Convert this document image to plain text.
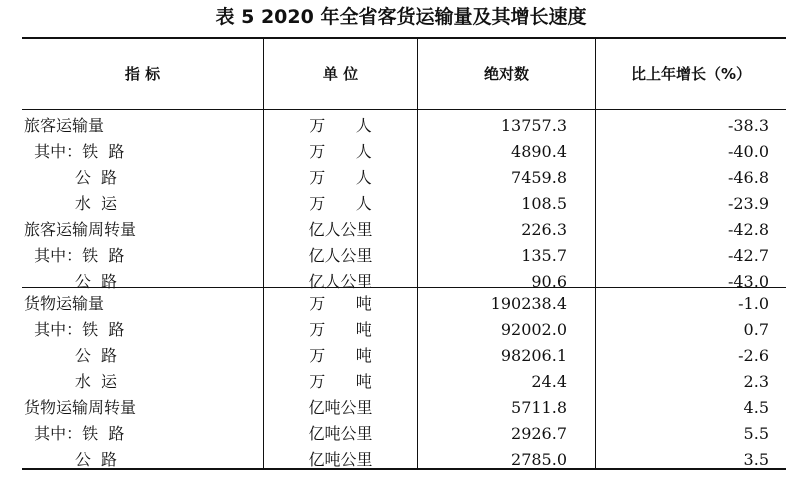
表 5 2020 年全省客货运输量及其增长速度
指 标	单 位	绝对数	比上年增长（%）
旅客运输量	万      人	13757.3	-38.3
其中：铁  路	万      人	4890.4	-40.0
公  路	万      人	7459.8	-46.8
水  运	万      人	108.5	-23.9
旅客运输周转量	亿人公里	226.3	-42.8
其中：铁  路	亿人公里	135.7	-42.7
公  路	亿人公里	90.6	-43.0
货物运输量	万      吨	190238.4	-1.0
其中：铁  路	万      吨	92002.0	0.7
公  路	万      吨	98206.1	-2.6
水  运	万      吨	24.4	2.3
货物运输周转量	亿吨公里	5711.8	4.5
其中：铁  路	亿吨公里	2926.7	5.5
公  路	亿吨公里	2785.0	3.5
